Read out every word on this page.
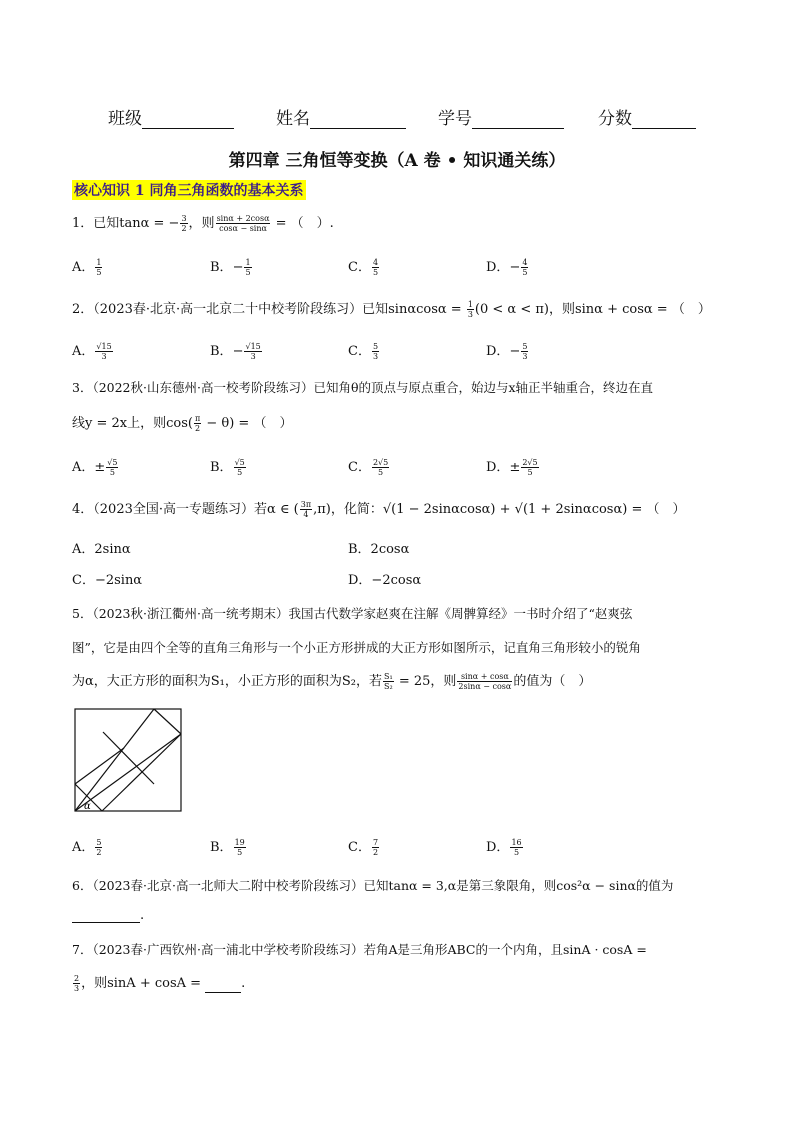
班级	姓名	学号	分数
第四章 三角恒等变换（A 卷 • 知识通关练）
核心知识 1 同角三角函数的基本关系
1．已知tanα = − $\frac{3}{2}$ ，则 $\frac{\sin\alpha + 2\cos\alpha}{\cos\alpha - \sin\alpha}$ = （　）.
A． $\frac{1}{5}$	B．− $\frac{1}{5}$	C． $\frac{4}{5}$	D．− $\frac{4}{5}$
2．（2023春·北京·高一北京二十中校考阶段练习）已知$\sin\alpha\cos\alpha = \frac{1}{3} (0 < \alpha < \pi)$，则sinα + cosα = （　）
A． $\frac{√15}{3}$	B．− $\frac{√15}{3}$	C． $\frac{5}{3}$	D．− $\frac{5}{3}$
3．（2022秋·山东德州·高一校考阶段练习）已知角θ的顶点与原点重合，始边与x轴正半轴重合，终边在直
线y = 2x上，则$\cos( \frac{\pi}{2} - \theta)$ = （　）
A．± $\frac{√5}{5}$	B． $\frac{√5}{5}$	C． $\frac{2√5}{5}$	D．± $\frac{2√5}{5}$
4．（2023全国·高一专题练习）若α ∈ ( $\frac{3\pi}{4} ,\pi$)，化简：√(1 − 2sinαcosα) + √(1 + 2sinαcosα) = （　）
A．2sinα	B．2cosα
C．−2sinα	D．−2cosα
5．（2023秋·浙江衢州·高一统考期末）我国古代数学家赵爽在注解《周髀算经》一书时介绍了“赵爽弦
图”，它是由四个全等的直角三角形与一个小正方形拼成的大正方形如图所示，记直角三角形较小的锐角
为α，大正方形的面积为S₁，小正方形的面积为S₂，若 $\frac{\text{S₁}}{\text{S₂}} = 25$，则 $\frac{\sin\alpha + \cos\alpha}{2\sin\alpha - \cos\alpha}$ 的值为（　）
α
A． $\frac{5}{2}$	B． $\frac{19}{5}$	C． $\frac{7}{2}$	D． $\frac{16}{5}$
6．（2023春·北京·高一北师大二附中校考阶段练习）已知tanα = 3,α是第三象限角，则cos²α − sinα的值为
.
7．（2023春·广西钦州·高一浦北中学校考阶段练习）若角A是三角形ABC的一个内角，且sinA · cosA =
$\frac{2}{3}$ ，则sinA + cosA =	.
